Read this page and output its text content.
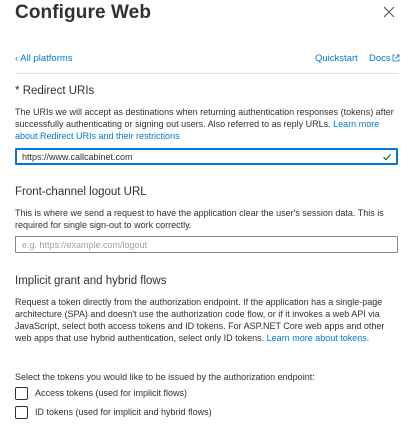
Configure Web
‹ All platforms	Quickstart Docs
* Redirect URIs
The URIs we will accept as destinations when returning authentication responses (tokens) after successfully authenticating or signing out users. Also referred to as reply URLs. Learn more about Redirect URIs and their restrictions
https://www.callcabinet.com
Front-channel logout URL
This is where we send a request to have the application clear the user's session data. This is required for single sign-out to work correctly.
e.g. https://example.com/logout
Implicit grant and hybrid flows
Request a token directly from the authorization endpoint. If the application has a single-page architecture (SPA) and doesn't use the authorization code flow, or if it invokes a web API via JavaScript, select both access tokens and ID tokens. For ASP.NET Core web apps and other web apps that use hybrid authentication, select only ID tokens. Learn more about tokens.
Select the tokens you would like to be issued by the authorization endpoint:
Access tokens (used for implicit flows)
ID tokens (used for implicit and hybrid flows)
